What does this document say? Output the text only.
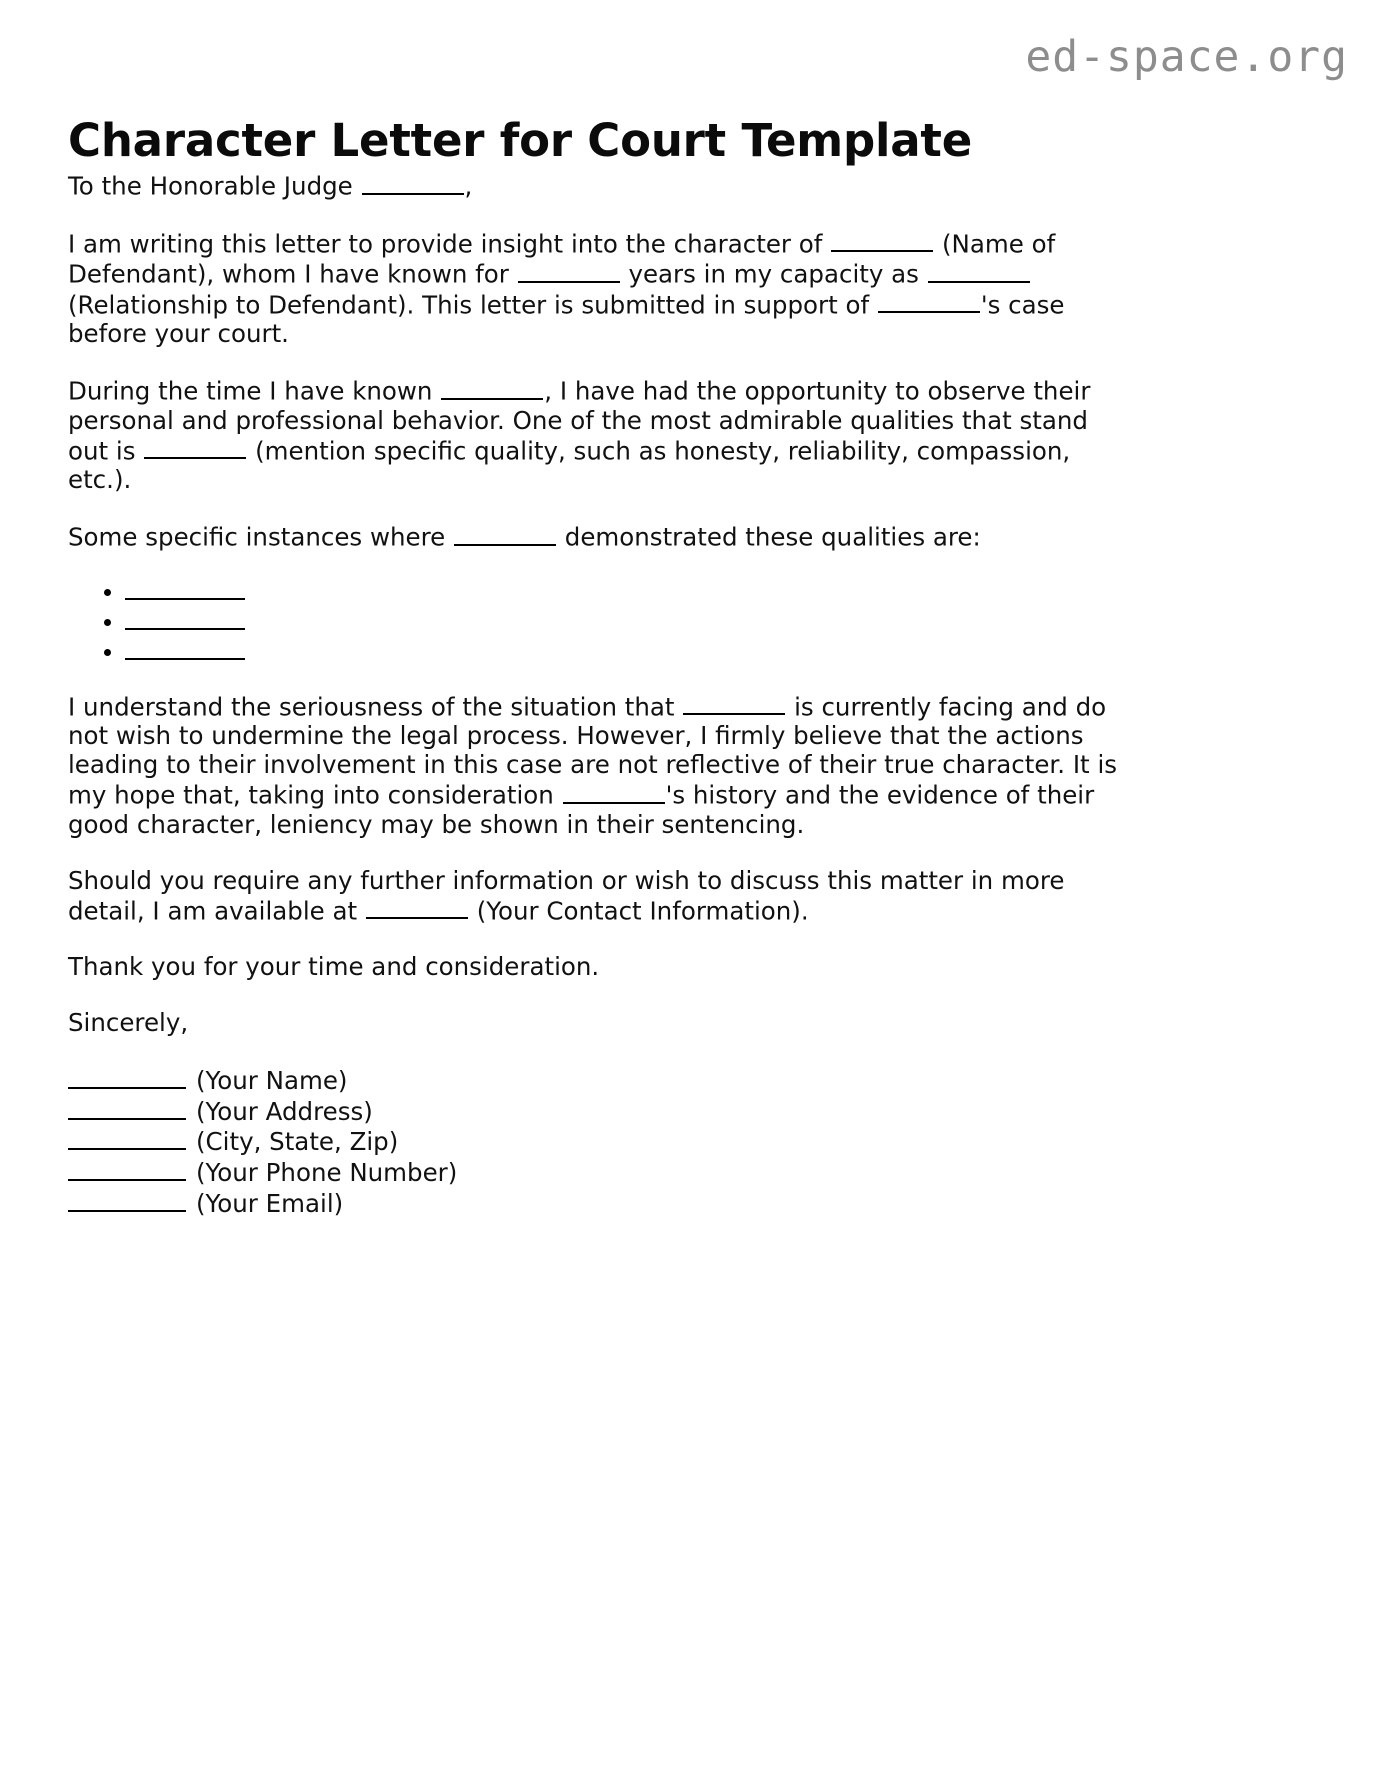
ed-space.org
Character Letter for Court Template

To the Honorable Judge	,

I am writing this letter to provide insight into the character of	(Name of Defendant), whom I have known for	years in my capacity as  (Relationship to Defendant). This letter is submitted in support of	's case before your court.

During the time I have known	, I have had the opportunity to observe their personal and professional behavior. One of the most admirable qualities that stand out is	(mention specific quality, such as honesty, reliability, compassion, etc.).

Some specific instances where	demonstrated these qualities are:

I understand the seriousness of the situation that	is currently facing and do not wish to undermine the legal process. However, I firmly believe that the actions leading to their involvement in this case are not reflective of their true character. It is my hope that, taking into consideration	's history and the evidence of their good character, leniency may be shown in their sentencing.

Should you require any further information or wish to discuss this matter in more detail, I am available at	(Your Contact Information).

Thank you for your time and consideration.

Sincerely,

(Your Name)
(Your Address)
(City, State, Zip)
(Your Phone Number)
(Your Email)
